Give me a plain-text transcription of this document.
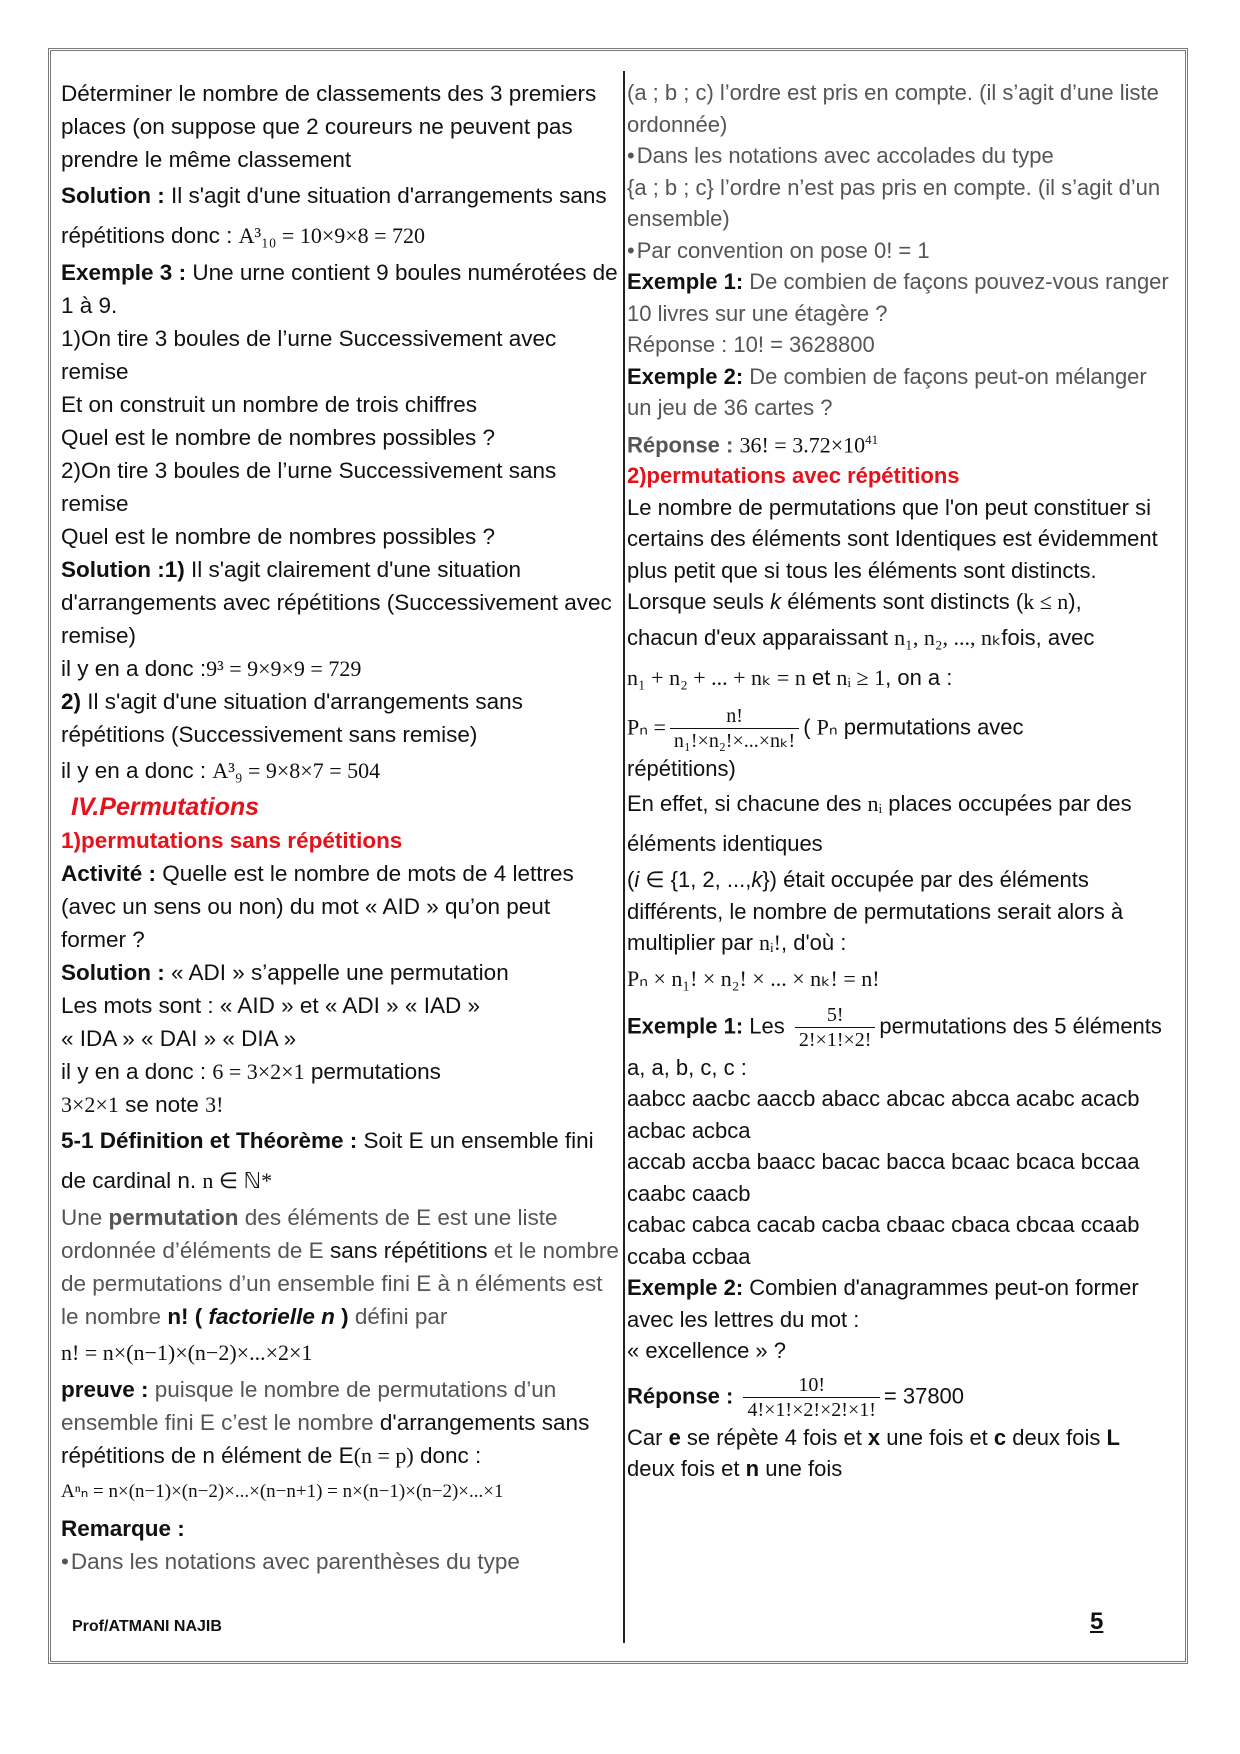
Déterminer le nombre de classements des 3 premiers places (on suppose que 2 coureurs ne peuvent pas prendre le même classement

Solution : Il s'agit d'une situation d'arrangements sans répétitions donc : A³₁₀ = 10×9×8 = 720

Exemple 3 : Une urne contient 9 boules numérotées de 1 à 9.

1)On tire 3 boules de l’urne Successivement avec remise

Et on construit un nombre de trois chiffres

Quel est le nombre de nombres possibles ?

2)On tire 3 boules de l’urne Successivement sans remise

Quel est le nombre de nombres possibles ?

Solution :1) Il s'agit clairement d'une situation d'arrangements avec répétitions (Successivement avec remise)

il y en a donc :9³ = 9×9×9 = 729

2) Il s'agit d'une situation d'arrangements sans répétitions (Successivement sans remise)

il y en a donc : A³₉ = 9×8×7 = 504

IV.Permutations

1)permutations sans répétitions

Activité : Quelle est le nombre de mots de 4 lettres (avec un sens ou non) du mot « AID » qu’on peut former ?

Solution : « ADI » s’appelle une permutation

Les mots sont : « AID » et « ADI » « IAD »

« IDA » « DAI » « DIA »

il y en a donc : 6 = 3×2×1 permutations

3×2×1 se note 3!

5-1 Définition et Théorème : Soit E un ensemble fini de cardinal n. n ∈ ℕ*

Une permutation des éléments de E est une liste ordonnée d’éléments de E sans répétitions et le nombre de permutations d’un ensemble fini E à n éléments est le nombre n! ( factorielle n ) défini par

n! = n×(n−1)×(n−2)×...×2×1

preuve : puisque le nombre de permutations d’un ensemble fini E c’est le nombre d'arrangements sans répétitions de n élément de E(n = p) donc :

Aⁿₙ = n×(n−1)×(n−2)×...×(n−n+1) = n×(n−1)×(n−2)×...×1

Remarque :

• Dans les notations avec parenthèses du type

(a ; b ; c) l’ordre est pris en compte. (il s’agit d’une liste ordonnée)

• Dans les notations avec accolades du type

{a ; b ; c} l’ordre n’est pas pris en compte. (il s’agit d’un ensemble)

• Par convention on pose 0! = 1

Exemple 1: De combien de façons pouvez-vous ranger 10 livres sur une étagère ?

Réponse : 10! = 3628800

Exemple 2: De combien de façons peut-on mélanger un jeu de 36 cartes ?

Réponse : 36! = $3.72\times 10^{41}$

2)permutations avec répétitions

Le nombre de permutations que l'on peut constituer si certains des éléments sont Identiques est évidemment plus petit que si tous les éléments sont distincts.

Lorsque seuls k éléments sont distincts (k ≤ n),

chacun d'eux apparaissant n₁, n₂, ..., nₖfois, avec

n₁ + n₂ + ... + nₖ = n et nᵢ ≥ 1, on a :

$P_n = \frac{n!}{\text{n₁!×n₂!×...×nₖ!}}$ ( Pₙ permutations avec

répétitions)

En effet, si chacune des nᵢ places occupées par des éléments identiques

(i ∈ {1, 2, ...,k}) était occupée par des éléments différents, le nombre de permutations serait alors à multiplier par nᵢ!, d'où :

Pₙ × n₁! × n₂! × ... × nₖ! = n!

Exemple 1: Les $\frac{5!}{2!\times 1!\times 2!}$ permutations des 5 éléments a, a, b, c, c :

aabcc aacbc aaccb abacc abcac abcca acabc acacb acbac acbca

accab accba baacc bacac bacca bcaac bcaca bccaa caabc caacb

cabac cabca cacab cacba cbaac cbaca cbcaa ccaab ccaba ccbaa

Exemple 2: Combien d'anagrammes peut-on former avec les lettres du mot :

« excellence » ?

Réponse : $\frac{10!}{4!\times 1!\times 2!\times 2!\times 1!} = 37800$

Car e se répète 4 fois et x une fois et c deux fois L deux fois et n une fois

Prof/ATMANI NAJIB	5
